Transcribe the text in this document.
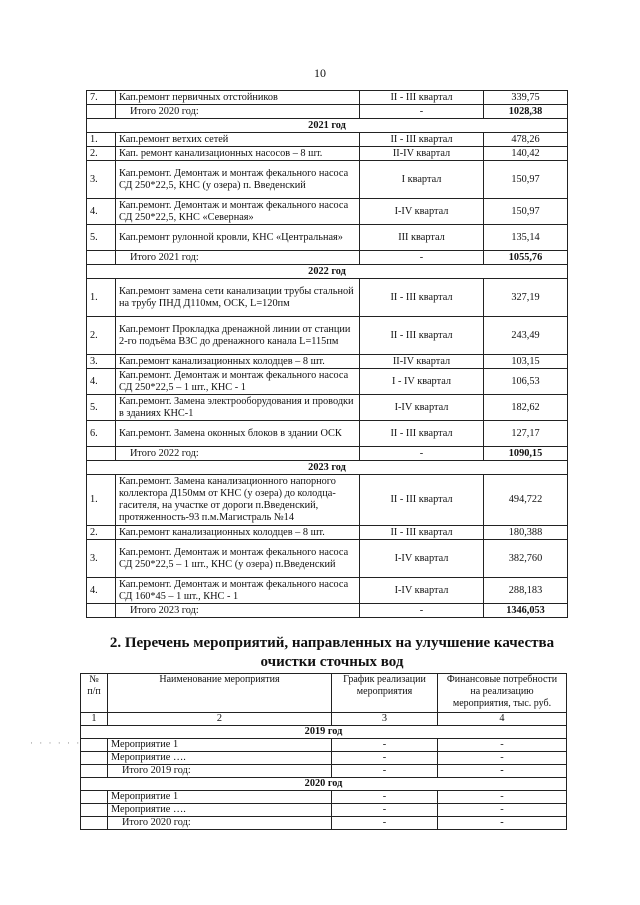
10
7.	Кап.ремонт первичных отстойников	II - III квартал	339,75
	Итого 2020 год:	-	1028,38
2021 год			
1.	Кап.ремонт ветхих сетей	II - III квартал	478,26
2.	Кап. ремонт канализационных насосов – 8 шт.	II-IV квартал	140,42
3.	Кап.ремонт. Демонтаж и монтаж фекального насоса СД 250*22,5, КНС (у озера) п. Введенский	I квартал	150,97
4.	Кап.ремонт. Демонтаж и монтаж фекального насоса СД 250*22,5, КНС «Северная»	I-IV квартал	150,97
5.	Кап.ремонт рулонной кровли, КНС «Центральная»	III квартал	135,14
	Итого 2021 год:	-	1055,76
2022 год			
1.	Кап.ремонт замена сети канализации трубы стальной на трубу ПНД Д110мм, ОСК, L=120пм	II - III квартал	327,19
2.	Кап.ремонт Прокладка дренажной линии от станции 2-го подъёма ВЗС до дренажного канала L=115пм	II - III квартал	243,49
3.	Кап.ремонт канализационных колодцев – 8 шт.	II-IV квартал	103,15
4.	Кап.ремонт. Демонтаж и монтаж фекального насоса СД 250*22,5 – 1 шт., КНС - 1	I - IV квартал	106,53
5.	Кап.ремонт. Замена электрооборудования и проводки в зданиях КНС-1	I-IV квартал	182,62
6.	Кап.ремонт. Замена оконных блоков в здании ОСК	II - III квартал	127,17
	Итого 2022 год:	-	1090,15
2023 год			
1.	Кап.ремонт. Замена канализационного напорного коллектора Д150мм от КНС (у озера) до колодца-гасителя, на участке от дороги п.Введенский, протяженность-93 п.м.Магистраль №14	II - III квартал	494,722
2.	Кап.ремонт канализационных колодцев – 8 шт.	II - III квартал	180,388
3.	Кап.ремонт. Демонтаж и монтаж фекального насоса СД 250*22,5 – 1 шт., КНС (у озера) п.Введенский	I-IV квартал	382,760
4.	Кап.ремонт. Демонтаж и монтаж фекального насоса СД 160*45 – 1 шт., КНС - 1	I-IV квартал	288,183
	Итого 2023 год:	-	1346,053
2. Перечень мероприятий, направленных на улучшение качества очистки сточных вод
№ п/п	Наименование мероприятия	График реализации мероприятия	Финансовые потребности на реализацию мероприятия, тыс. руб.
1	2	3	4
2019 год			
	Мероприятие 1	-	-
	Мероприятие ….	-	-
	Итого 2019 год:	-	-
2020 год			
	Мероприятие 1	-	-
	Мероприятие ….	-	-
	Итого 2020 год:	-	-
· · · · · ·
